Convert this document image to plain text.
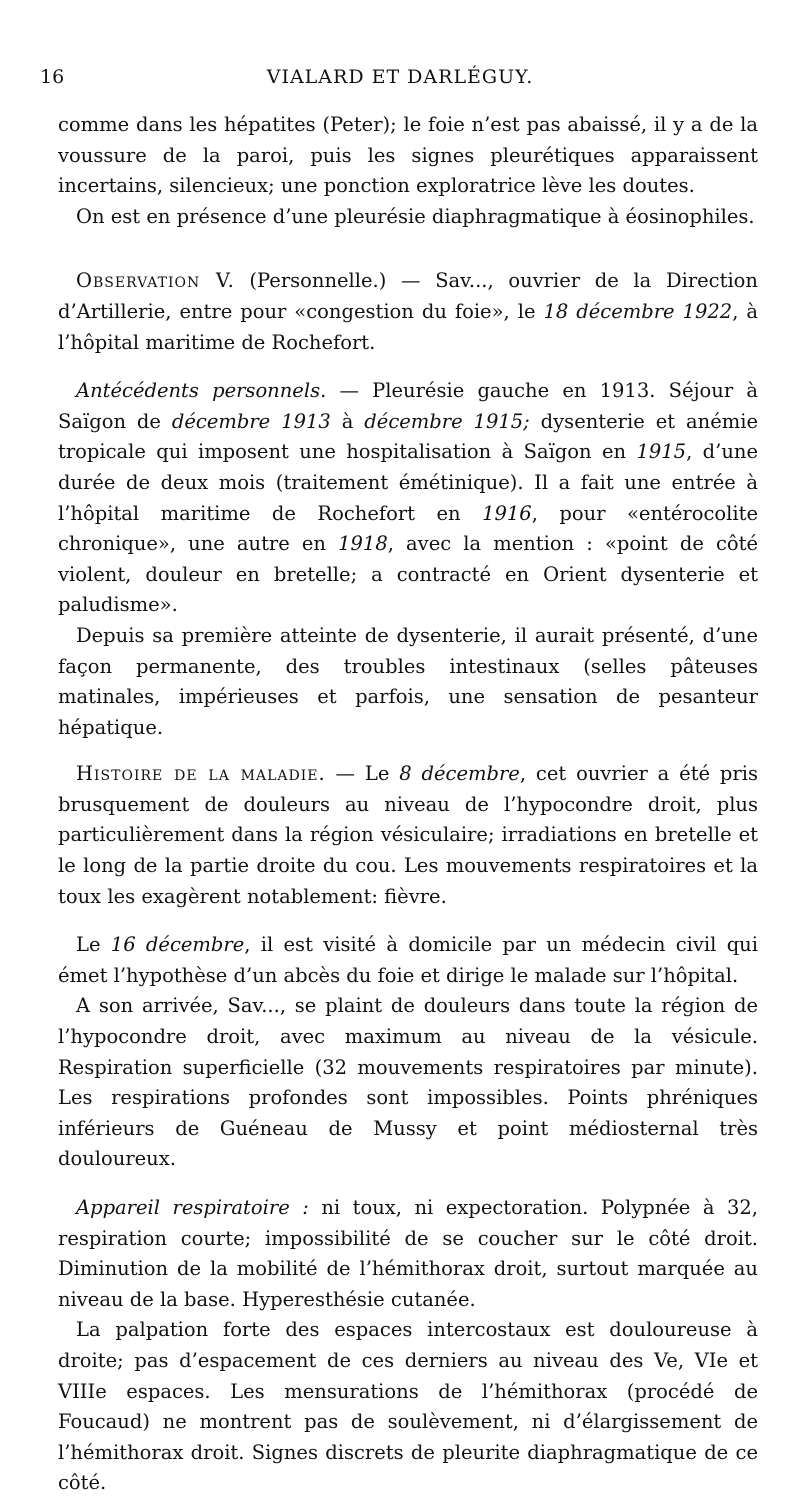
16	VIALARD ET DARLÉGUY.

comme dans les hépatites (Peter); le foie n’est pas abaissé, il y a de la voussure de la paroi, puis les signes pleurétiques apparaissent incertains, silencieux; une ponction exploratrice lève les doutes.

On est en présence d’une pleurésie diaphragmatique à éosinophiles.

Observation V. (Personnelle.) — Sav..., ouvrier de la Direction d’Artillerie, entre pour «congestion du foie», le 18 décembre 1922, à l’hôpital maritime de Rochefort.

Antécédents personnels. — Pleurésie gauche en 1913. Séjour à Saïgon de décembre 1913 à décembre 1915; dysenterie et anémie tropicale qui imposent une hospitalisation à Saïgon en 1915, d’une durée de deux mois (traitement émétinique). Il a fait une entrée à l’hôpital maritime de Rochefort en 1916, pour «entérocolite chronique», une autre en 1918, avec la mention : «point de côté violent, douleur en bretelle; a contracté en Orient dysenterie et paludisme».

Depuis sa première atteinte de dysenterie, il aurait présenté, d’une façon permanente, des troubles intestinaux (selles pâteuses matinales, impérieuses et parfois, une sensation de pesanteur hépatique.

Histoire de la maladie. — Le 8 décembre, cet ouvrier a été pris brusquement de douleurs au niveau de l’hypocondre droit, plus particulièrement dans la région vésiculaire; irradiations en bretelle et le long de la partie droite du cou. Les mouvements respiratoires et la toux les exagèrent notablement: fièvre.

Le 16 décembre, il est visité à domicile par un médecin civil qui émet l’hypothèse d’un abcès du foie et dirige le malade sur l’hôpital.

A son arrivée, Sav..., se plaint de douleurs dans toute la région de l’hypocondre droit, avec maximum au niveau de la vésicule. Respiration superficielle (32 mouvements respiratoires par minute). Les respirations profondes sont impossibles. Points phréniques inférieurs de Guéneau de Mussy et point médiosternal très douloureux.

Appareil respiratoire : ni toux, ni expectoration. Polypnée à 32, respiration courte; impossibilité de se coucher sur le côté droit. Diminution de la mobilité de l’hémithorax droit, surtout marquée au niveau de la base. Hyperesthésie cutanée.

La palpation forte des espaces intercostaux est douloureuse à droite; pas d’espacement de ces derniers au niveau des Ve, VIe et VIIIe espaces. Les mensurations de l’hémithorax (procédé de Foucaud) ne montrent pas de soulèvement, ni d’élargissement de l’hémithorax droit. Signes discrets de pleurite diaphragmatique de ce côté.
